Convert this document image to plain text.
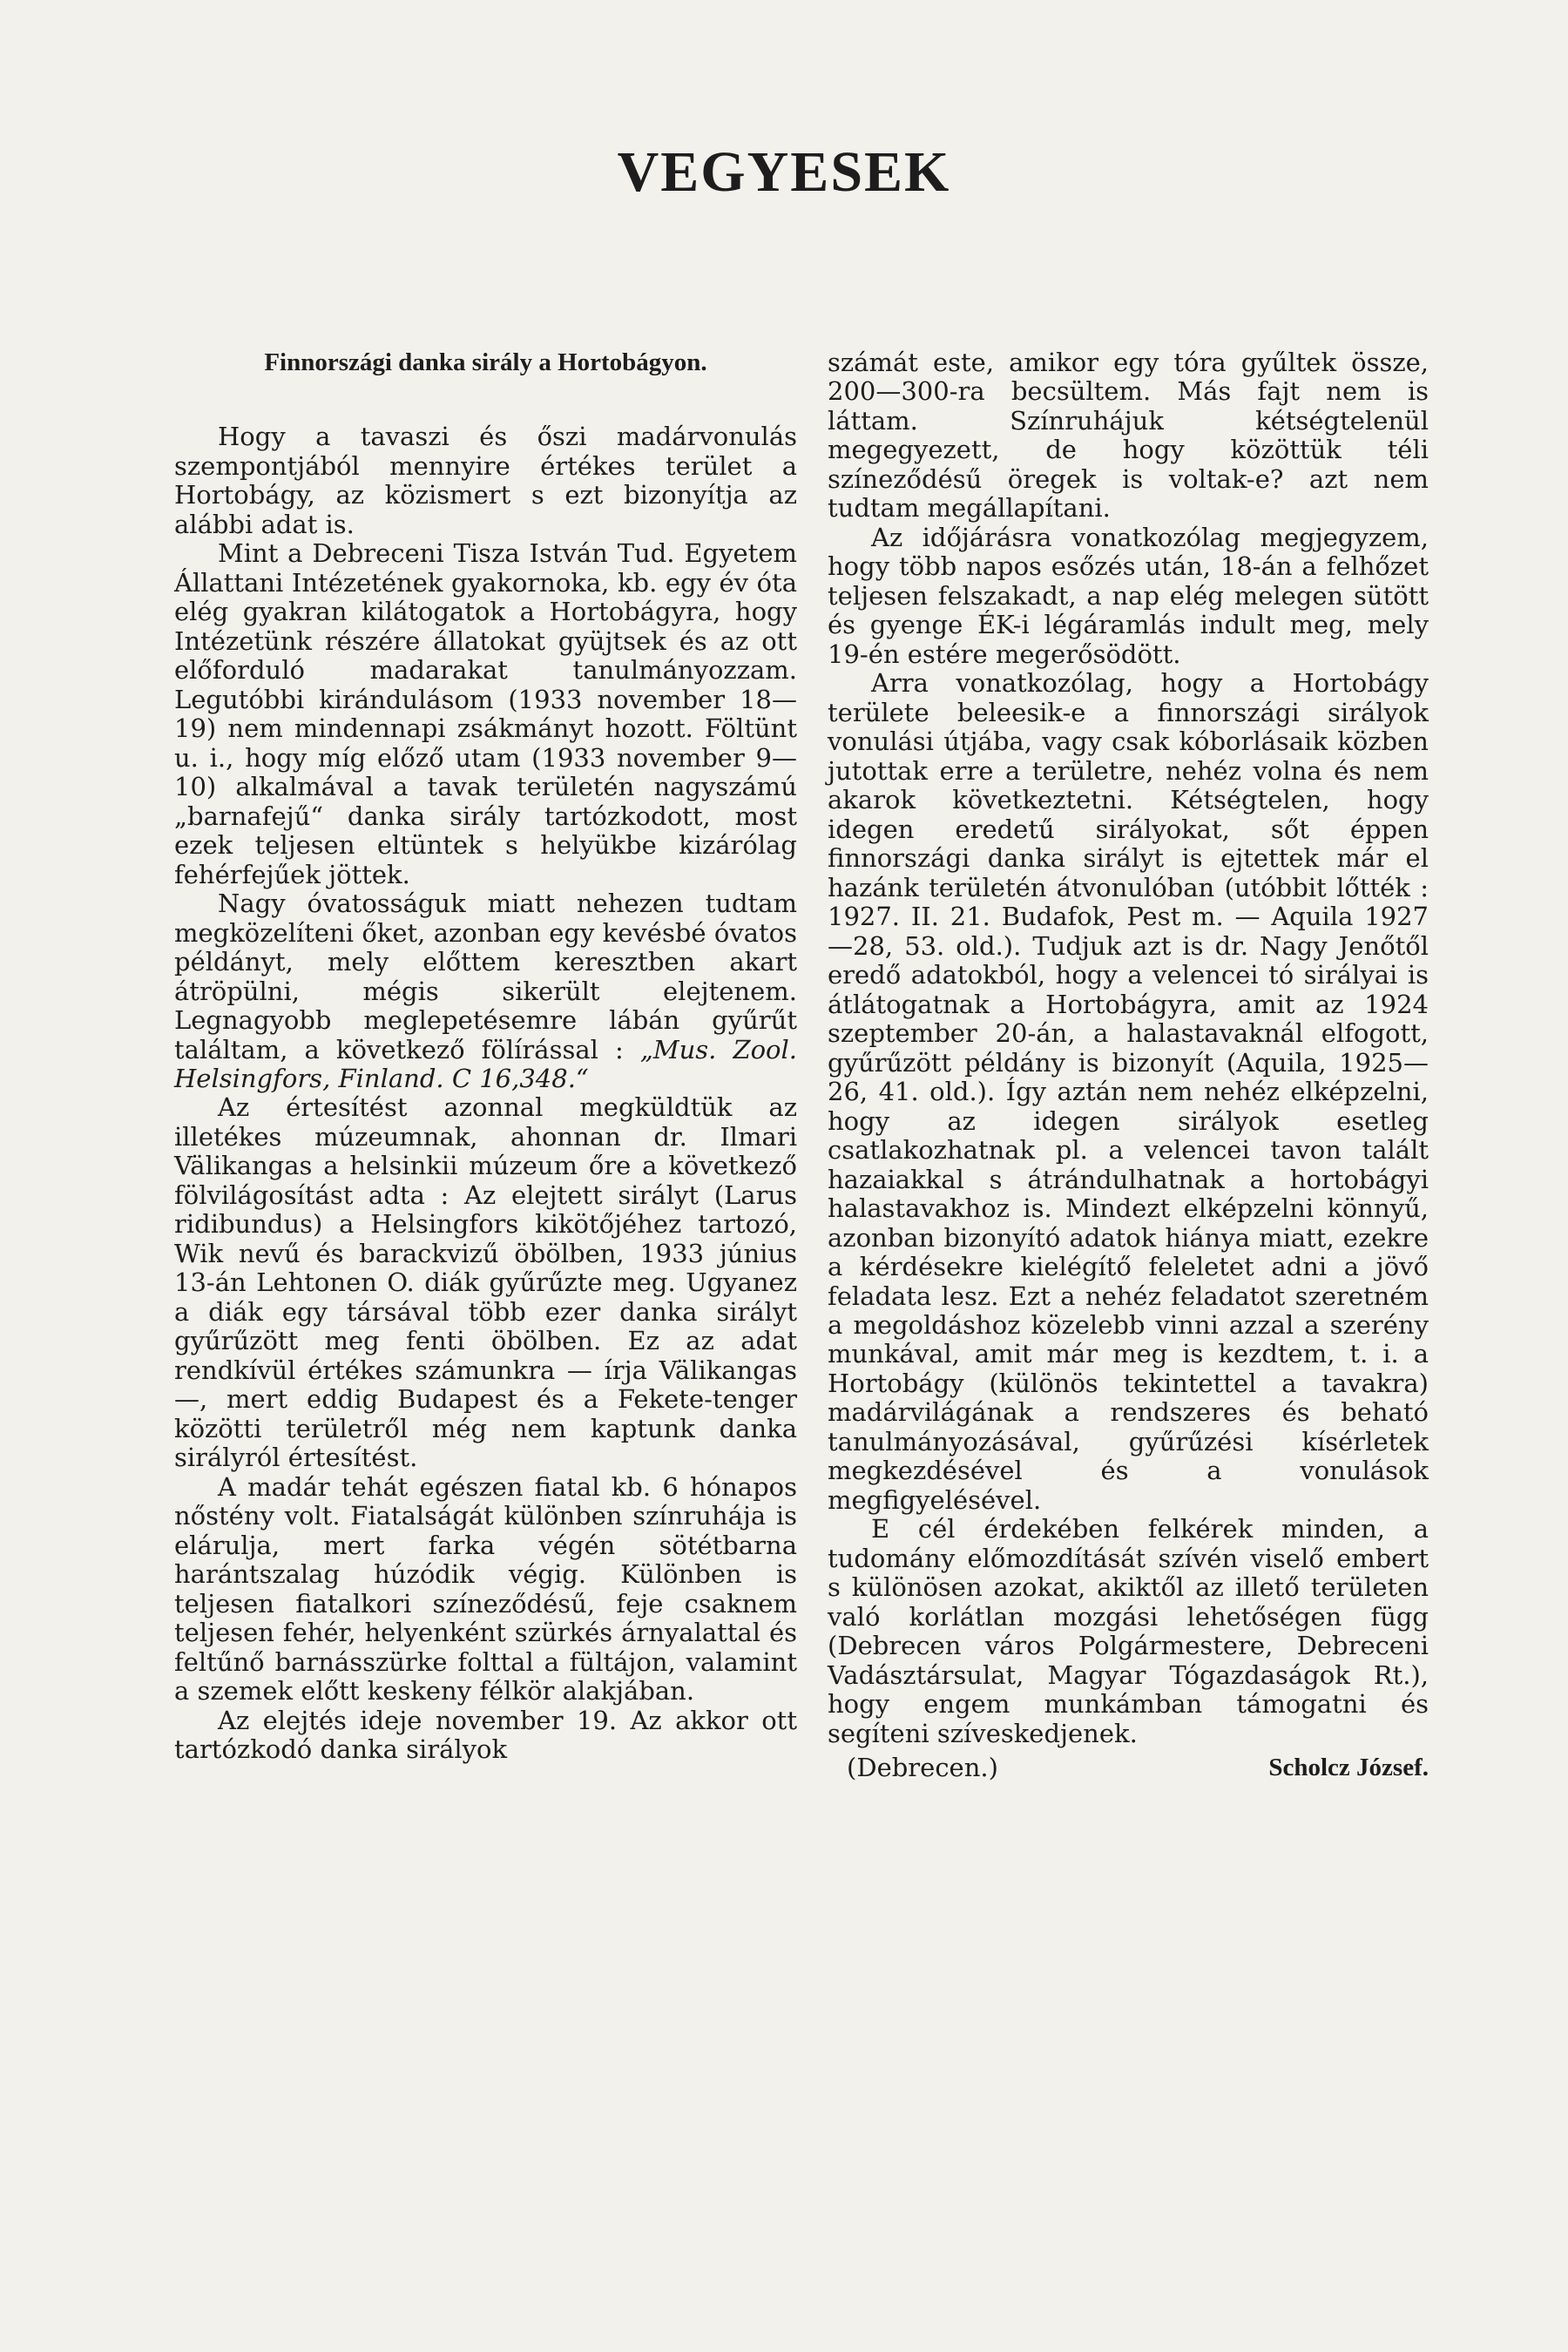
VEGYESEK
Finnországi danka sirály a Hortobágyon.

Hogy a tavaszi és őszi madárvonulás szempontjából mennyire értékes terület a Hortobágy, az közismert s ezt bizonyítja az alábbi adat is.

Mint a Debreceni Tisza István Tud. Egyetem Állattani Intézetének gyakornoka, kb. egy év óta elég gyakran kilátogatok a Hortobágyra, hogy Intézetünk részére állatokat gyüjtsek és az ott előforduló madarakat tanulmányozzam. Legutóbbi kirándulásom (1933 november 18—19) nem mindennapi zsákmányt hozott. Föltünt u. i., hogy míg előző utam (1933 november 9—10) alkalmával a tavak területén nagyszámú „barnafejű“ danka sirály tartózkodott, most ezek teljesen eltüntek s helyükbe kizárólag fehérfejűek jöttek.

Nagy óvatosságuk miatt nehezen tudtam megközelíteni őket, azonban egy kevésbé óvatos példányt, mely előttem keresztben akart átröpülni, mégis sikerült elejtenem. Legnagyobb meglepetésemre lábán gyűrűt találtam, a következő fölírással : „Mus. Zool. Helsingfors, Finland. C 16,348.“

Az értesítést azonnal megküldtük az illetékes múzeumnak, ahonnan dr. Ilmari Välikangas a helsinkii múzeum őre a következő fölvilágosítást adta : Az elejtett sirályt (Larus ridibundus) a Helsingfors kikötőjéhez tartozó, Wik nevű és barackvizű öbölben, 1933 június 13-án Lehtonen O. diák gyűrűzte meg. Ugyanez a diák egy társával több ezer danka sirályt gyűrűzött meg fenti öbölben. Ez az adat rendkívül értékes számunkra — írja Välikangas —, mert eddig Budapest és a Fekete-tenger közötti területről még nem kaptunk danka sirályról értesítést.

A madár tehát egészen fiatal kb. 6 hónapos nőstény volt. Fiatalságát különben színruhája is elárulja, mert farka végén sötétbarna harántszalag húzódik végig. Különben is teljesen fiatalkori színeződésű, feje csaknem teljesen fehér, helyenként szürkés árnyalattal és feltűnő barnásszürke folttal a fültájon, valamint a szemek előtt keskeny félkör alakjában.

Az elejtés ideje november 19. Az akkor ott tartózkodó danka sirályok

számát este, amikor egy tóra gyűltek össze, 200—300-ra becsültem. Más fajt nem is láttam. Színruhájuk kétségtelenül megegyezett, de hogy közöttük téli színeződésű öregek is voltak-e? azt nem tudtam megállapítani.

Az időjárásra vonatkozólag megjegyzem, hogy több napos esőzés után, 18-án a felhőzet teljesen felszakadt, a nap elég melegen sütött és gyenge ÉK-i légáramlás indult meg, mely 19-én estére megerősödött.

Arra vonatkozólag, hogy a Hortobágy területe beleesik-e a finnországi sirályok vonulási útjába, vagy csak kóborlásaik közben jutottak erre a területre, nehéz volna és nem akarok következtetni. Kétségtelen, hogy idegen eredetű sirályokat, sőt éppen finnországi danka sirályt is ejtettek már el hazánk területén átvonulóban (utóbbit lőtték : 1927. II. 21. Budafok, Pest m. — Aquila 1927—28, 53. old.). Tudjuk azt is dr. Nagy Jenőtől eredő adatokból, hogy a velencei tó sirályai is átlátogatnak a Hortobágyra, amit az 1924 szeptember 20-án, a halastavaknál elfogott, gyűrűzött példány is bizonyít (Aquila, 1925—26, 41. old.). Így aztán nem nehéz elképzelni, hogy az idegen sirályok esetleg csatlakozhatnak pl. a velencei tavon talált hazaiakkal s átrándulhatnak a hortobágyi halastavakhoz is. Mindezt elképzelni könnyű, azonban bizonyító adatok hiánya miatt, ezekre a kérdésekre kielégítő feleletet adni a jövő feladata lesz. Ezt a nehéz feladatot szeretném a megoldáshoz közelebb vinni azzal a szerény munkával, amit már meg is kezdtem, t. i. a Hortobágy (különös tekintettel a tavakra) madárvilágának a rendszeres és beható tanulmányozásával, gyűrűzési kísérletek megkezdésével és a vonulások megfigyelésével.

E cél érdekében felkérek minden, a tudomány előmozdítását szívén viselő embert s különösen azokat, akiktől az illető területen való korlátlan mozgási lehetőségen függ (Debrecen város Polgármestere, Debreceni Vadásztársulat, Magyar Tógazdaságok Rt.), hogy engem munkámban támogatni és segíteni szíveskedjenek.

(Debrecen.)	Scholcz József.
